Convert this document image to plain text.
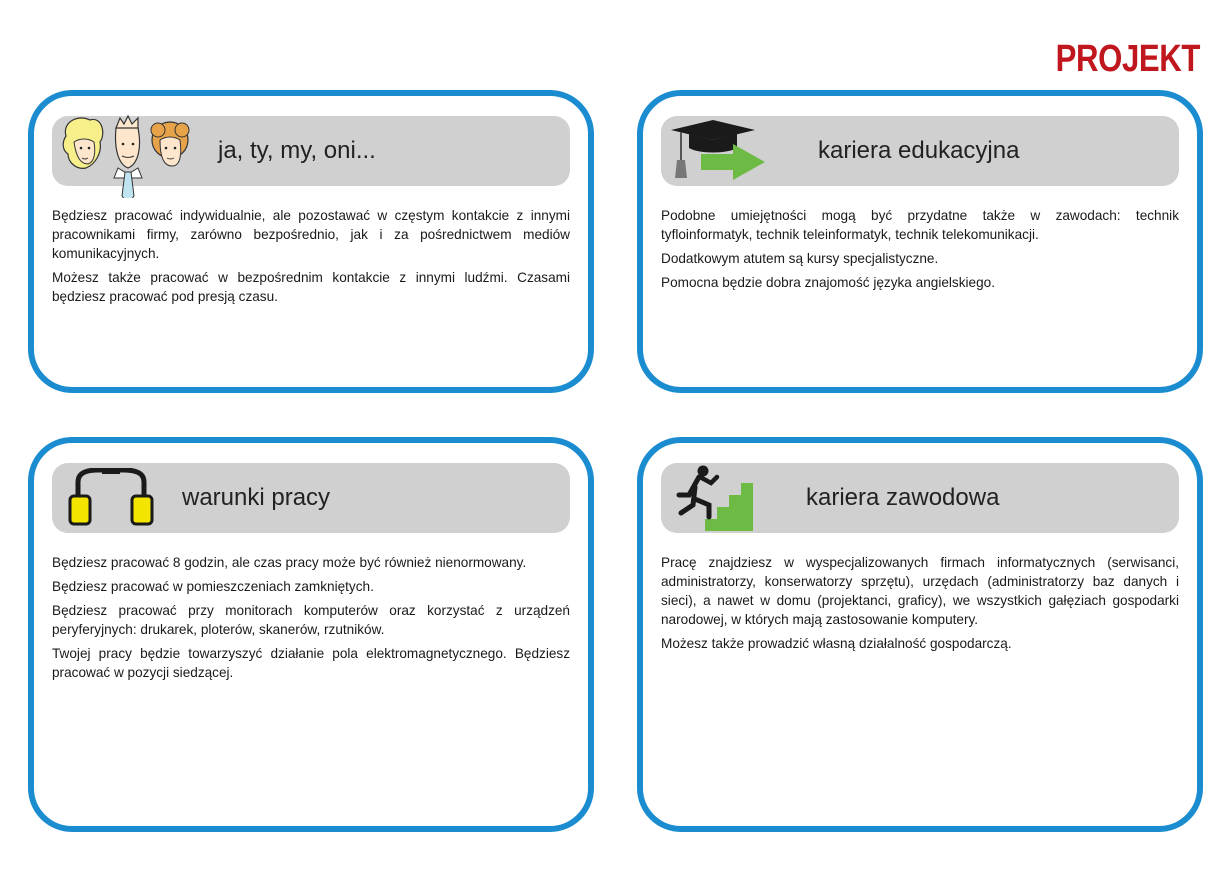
PROJEKT
ja, ty, my, oni...

Będziesz pracować indywidualnie, ale pozostawać w częstym kontakcie z innymi pracownikami firmy, zarówno bezpośrednio, jak i za pośrednictwem mediów komunikacyjnych.

Możesz także pracować w bezpośrednim kontakcie z innymi ludźmi. Czasami będziesz pracować pod presją czasu.

kariera edukacyjna

Podobne umiejętności mogą być przydatne także w zawodach: technik tyfloinformatyk, technik teleinformatyk, technik telekomunikacji.

Dodatkowym atutem są kursy specjalistyczne.

Pomocna będzie dobra znajomość języka angielskiego.

warunki pracy

Będziesz pracować 8 godzin, ale czas pracy może być również nienormowany.

Będziesz pracować w pomieszczeniach zamkniętych.

Będziesz pracować przy monitorach komputerów oraz korzystać z urządzeń peryferyjnych: drukarek, ploterów, skanerów, rzutników.

Twojej pracy będzie towarzyszyć działanie pola elektromagnetycznego. Będziesz pracować w pozycji siedzącej.

kariera zawodowa

Pracę znajdziesz w wyspecjalizowanych firmach informatycznych (serwisanci, administratorzy, konserwatorzy sprzętu), urzędach (administratorzy baz danych i sieci), a nawet w domu (projektanci, graficy), we wszystkich gałęziach gospodarki narodowej, w których mają zastosowanie komputery.

Możesz także prowadzić własną działalność gospodarczą.
